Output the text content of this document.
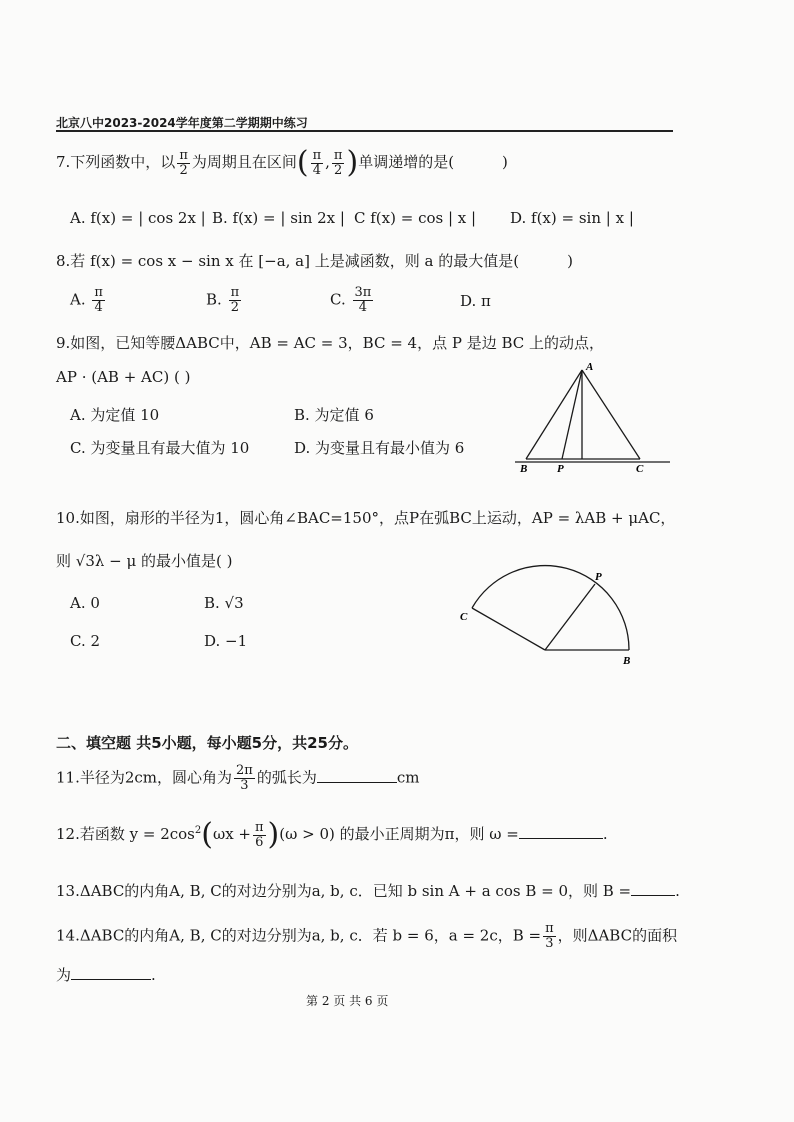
北京八中2023-2024学年度第二学期期中练习
7.下列函数中，以 $\frac{\pi}{2}$ 为周期且在区间( $\frac{\pi}{4}$ , $\frac{\pi}{2}$ )单调递增的是(	)
A. f(x) = | cos 2x | B. f(x) = | sin 2x | C f(x) = cos | x | D. f(x) = sin | x |
8.若 f(x) = cos x − sin x 在 [−a, a] 上是减函数，则 a 的最大值是(	)
A. $\frac{\pi}{4}$	B. $\frac{\pi}{2}$	C. $\frac{3\pi}{4}$	D. π
9.如图，已知等腰ΔABC中，AB = AC = 3，BC = 4，点 P 是边 BC 上的动点，
AP · (AB + AC) ( )
A. 为定值 10	B. 为定值 6
C. 为变量且有最大值为 10	D. 为变量且有最小值为 6
A
B	P	C
10.如图，扇形的半径为1，圆心角∠BAC=150°，点P在弧BC上运动，AP = λAB + μAC，
则 √3λ − μ 的最小值是( )
A. 0	B. √3
C. 2	D. −1
C
P
B
二、填空题 共5小题，每小题5分，共25分。
11.半径为2cm，圆心角为 $\frac{2\pi}{3}$ 的弧长为	cm
12.若函数 $y = 2\cos^2(\omega x + \frac{\pi}{6} )(\omega > 0)$ 的最小正周期为π，则 ω =	.
13.ΔABC的内角A, B, C的对边分别为a, b, c．已知 b sin A + a cos B = 0，则 B =	.
14.ΔABC的内角A, B, C的对边分别为a, b, c．若 b = 6，a = 2c，$B = \frac{\pi}{3}$ ，则ΔABC的面积
为	.
第 2 页 共 6 页
